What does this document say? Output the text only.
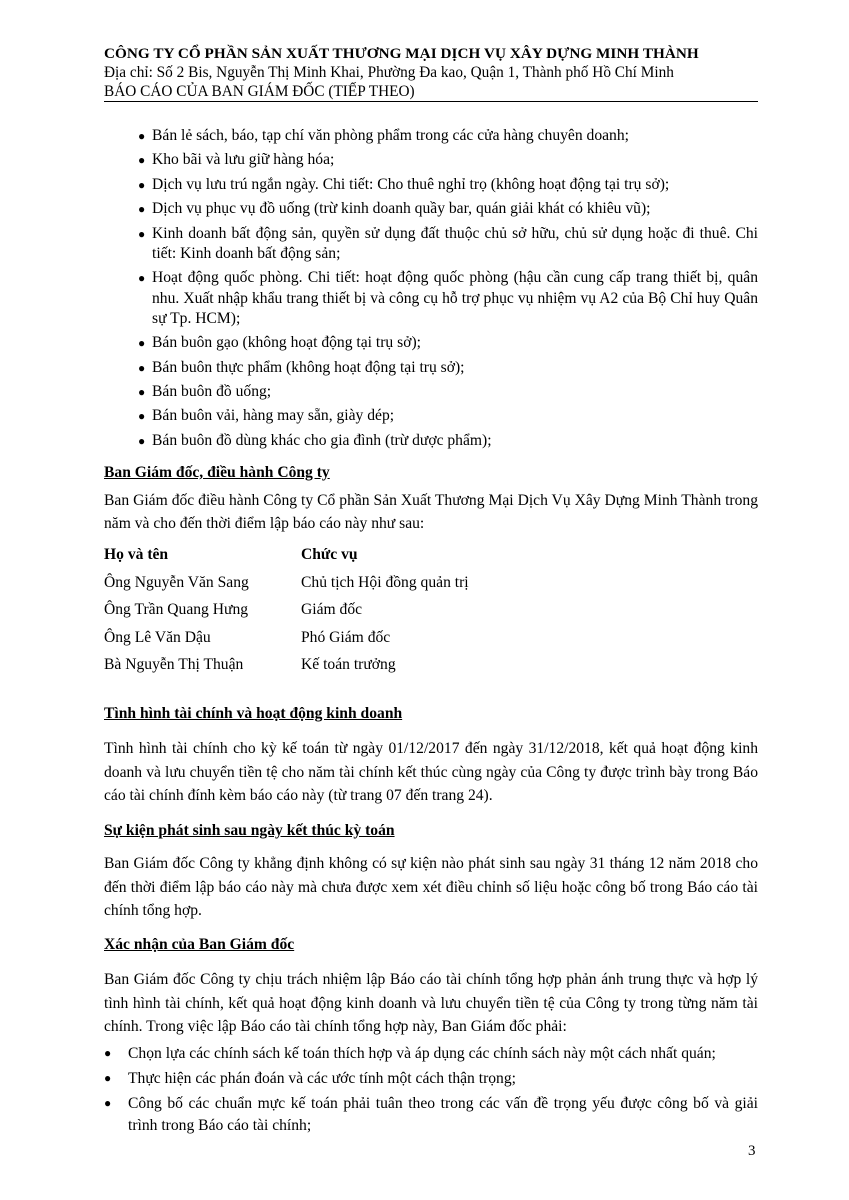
CÔNG TY CỔ PHẦN SẢN XUẤT THƯƠNG MẠI DỊCH VỤ XÂY DỰNG MINH THÀNH
Địa chỉ: Số 2 Bis, Nguyễn Thị Minh Khai, Phường Đa kao, Quận 1, Thành phố Hồ Chí Minh
BÁO CÁO CỦA BAN GIÁM ĐỐC (TIẾP THEO)
● Bán lẻ sách, báo, tạp chí văn phòng phẩm trong các cửa hàng chuyên doanh;
● Kho bãi và lưu giữ hàng hóa;
● Dịch vụ lưu trú ngắn ngày. Chi tiết: Cho thuê nghỉ trọ (không hoạt động tại trụ sở);
● Dịch vụ phục vụ đồ uống (trừ kinh doanh quầy bar, quán giải khát có khiêu vũ);
● Kinh doanh bất động sản, quyền sử dụng đất thuộc chủ sở hữu, chủ sử dụng hoặc đi thuê. Chi tiết: Kinh doanh bất động sản;
● Hoạt động quốc phòng. Chi tiết: hoạt động quốc phòng (hậu cần cung cấp trang thiết bị, quân nhu. Xuất nhập khẩu trang thiết bị và công cụ hỗ trợ phục vụ nhiệm vụ A2 của Bộ Chỉ huy Quân sự Tp. HCM);
● Bán buôn gạo (không hoạt động tại trụ sở);
● Bán buôn thực phẩm (không hoạt động tại trụ sở);
● Bán buôn đồ uống;
● Bán buôn vải, hàng may sẵn, giày dép;
● Bán buôn đồ dùng khác cho gia đình (trừ dược phẩm);
Ban Giám đốc, điều hành Công ty
Ban Giám đốc điều hành Công ty Cổ phần Sản Xuất Thương Mại Dịch Vụ Xây Dựng Minh Thành trong năm và cho đến thời điểm lập báo cáo này như sau:
Họ và tên	Chức vụ
Ông Nguyễn Văn Sang	Chủ tịch Hội đồng quản trị
Ông Trần Quang Hưng	Giám đốc
Ông Lê Văn Dậu	Phó Giám đốc
Bà Nguyễn Thị Thuận	Kế toán trưởng
Tình hình tài chính và hoạt động kinh doanh
Tình hình tài chính cho kỳ kế toán từ ngày 01/12/2017 đến ngày 31/12/2018, kết quả hoạt động kinh doanh và lưu chuyển tiền tệ cho năm tài chính kết thúc cùng ngày của Công ty được trình bày trong Báo cáo tài chính đính kèm báo cáo này (từ trang 07 đến trang 24).
Sự kiện phát sinh sau ngày kết thúc kỳ toán
Ban Giám đốc Công ty khẳng định không có sự kiện nào phát sinh sau ngày 31 tháng 12 năm 2018 cho đến thời điểm lập báo cáo này mà chưa được xem xét điều chỉnh số liệu hoặc công bố trong Báo cáo tài chính tổng hợp.
Xác nhận của Ban Giám đốc
Ban Giám đốc Công ty chịu trách nhiệm lập Báo cáo tài chính tổng hợp phản ánh trung thực và hợp lý tình hình tài chính, kết quả hoạt động kinh doanh và lưu chuyển tiền tệ của Công ty trong từng năm tài chính. Trong việc lập Báo cáo tài chính tổng hợp này, Ban Giám đốc phải:
● Chọn lựa các chính sách kế toán thích hợp và áp dụng các chính sách này một cách nhất quán;
● Thực hiện các phán đoán và các ước tính một cách thận trọng;
● Công bố các chuẩn mực kế toán phải tuân theo trong các vấn đề trọng yếu được công bố và giải trình trong Báo cáo tài chính;
3
